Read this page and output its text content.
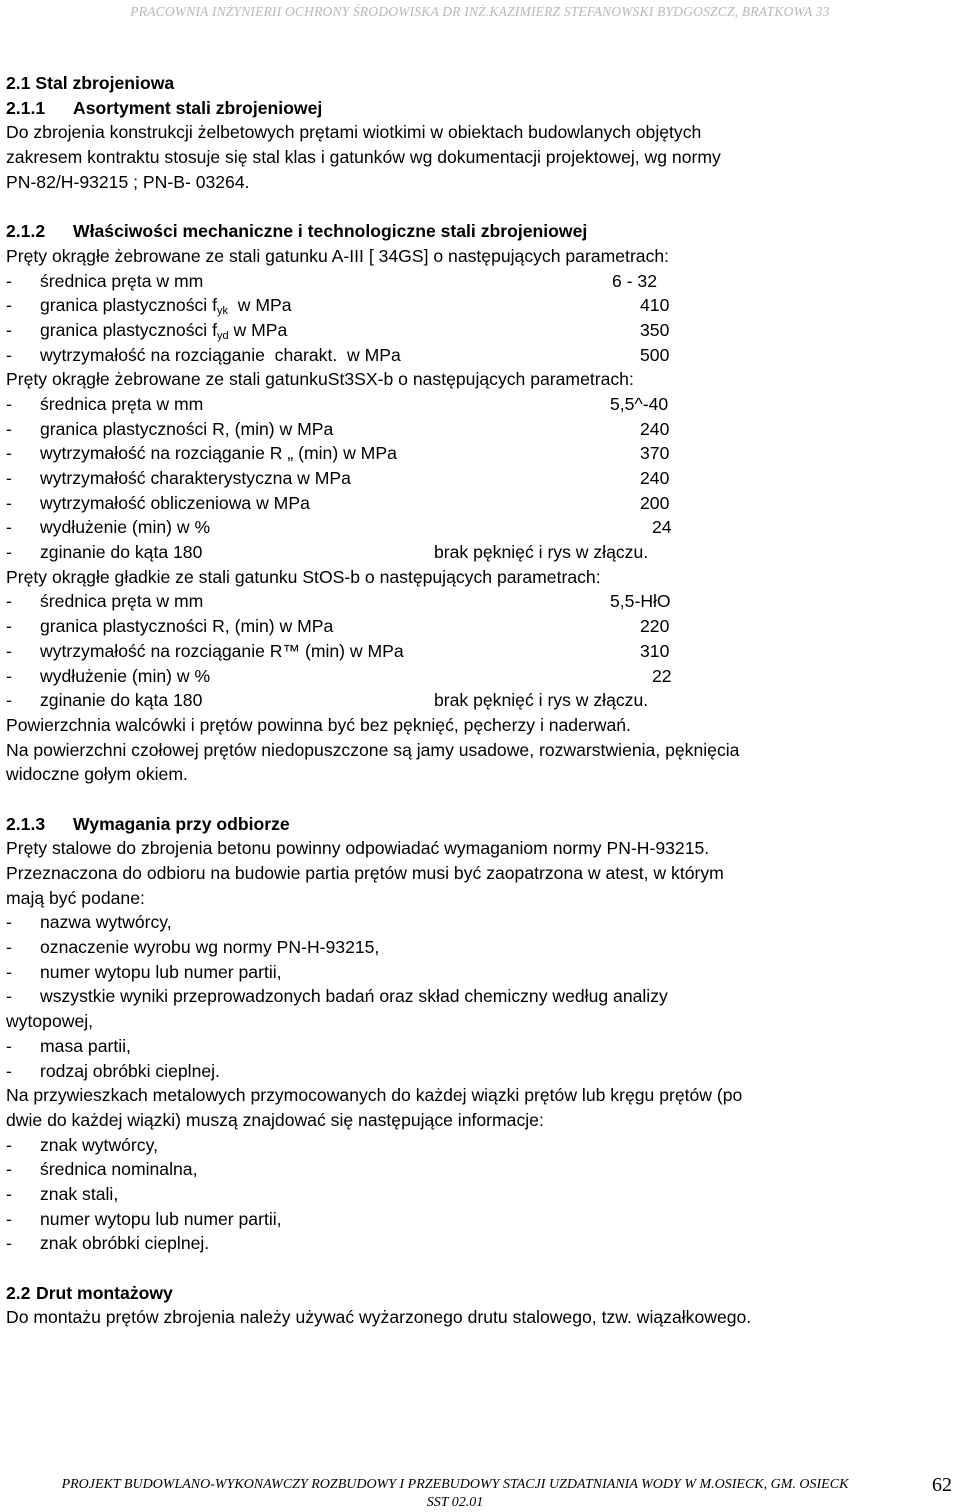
PRACOWNIA INŻYNIERII OCHRONY ŚRODOWISKA DR INŻ.KAZIMIERZ STEFANOWSKI BYDGOSZCZ, BRATKOWA 33
2.1 Stal zbrojeniowa
2.1.1 Asortyment stali zbrojeniowej
Do zbrojenia konstrukcji żelbetowych prętami wiotkimi w obiektach budowlanych objętych
zakresem kontraktu stosuje się stal klas i gatunków wg dokumentacji projektowej, wg normy
PN-82/H-93215 ; PN-B- 03264.
2.1.2 Właściwości mechaniczne i technologiczne stali zbrojeniowej
Pręty okrągłe żebrowane ze stali gatunku A-III [ 34GS] o następujących parametrach:
- średnica pręta w mm	6 - 32
- granica plastyczności $f_{yk}$  w MPa	410
- granica plastyczności $f_{yd}$ w MPa	350
- wytrzymałość na rozciąganie  charakt.  w MPa	500
Pręty okrągłe żebrowane ze stali gatunkuSt3SX-b o następujących parametrach:
- średnica pręta w mm	5,5^-40
- granica plastyczności R, (min) w MPa	240
- wytrzymałość na rozciąganie R „ (min) w MPa	370
- wytrzymałość charakterystyczna w MPa	240
- wytrzymałość obliczeniowa w MPa	200
- wydłużenie (min) w %	24
- zginanie do kąta 180	brak pęknięć i rys w złączu.
Pręty okrągłe gładkie ze stali gatunku StOS-b o następujących parametrach:
- średnica pręta w mm	5,5-HłO
- granica plastyczności R, (min) w MPa	220
- wytrzymałość na rozciąganie R™ (min) w MPa	310
- wydłużenie (min) w %	22
- zginanie do kąta 180	brak pęknięć i rys w złączu.
Powierzchnia walcówki i prętów powinna być bez pęknięć, pęcherzy i naderwań.
Na powierzchni czołowej prętów niedopuszczone są jamy usadowe, rozwarstwienia, pęknięcia
widoczne gołym okiem.
2.1.3 Wymagania przy odbiorze
Pręty stalowe do zbrojenia betonu powinny odpowiadać wymaganiom normy PN-H-93215.
Przeznaczona do odbioru na budowie partia prętów musi być zaopatrzona w atest, w którym
mają być podane:
- nazwa wytwórcy,
- oznaczenie wyrobu wg normy PN-H-93215,
- numer wytopu lub numer partii,
- wszystkie wyniki przeprowadzonych badań oraz skład chemiczny według analizy
wytopowej,
- masa partii,
- rodzaj obróbki cieplnej.
Na przywieszkach metalowych przymocowanych do każdej wiązki prętów lub kręgu prętów (po
dwie do każdej wiązki) muszą znajdować się następujące informacje:
- znak wytwórcy,
- średnica nominalna,
- znak stali,
- numer wytopu lub numer partii,
- znak obróbki cieplnej.
2.2 Drut montażowy
Do montażu prętów zbrojenia należy używać wyżarzonego drutu stalowego, tzw. wiązałkowego.
PROJEKT BUDOWLANO-WYKONAWCZY ROZBUDOWY I PRZEBUDOWY STACJI UZDATNIANIA WODY W M.OSIECK, GM. OSIECK
SST 02.01
62
